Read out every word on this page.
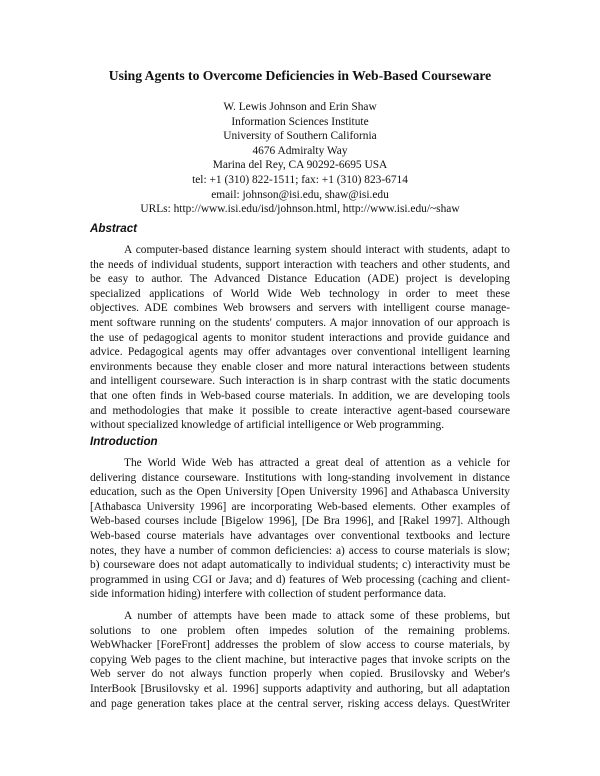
Using Agents to Overcome Deficiencies in Web-Based Courseware
W. Lewis Johnson and Erin Shaw
Information Sciences Institute
University of Southern California
4676 Admiralty Way
Marina del Rey, CA 90292-6695 USA
tel: +1 (310) 822-1511; fax: +1 (310) 823-6714
email: johnson@isi.edu, shaw@isi.edu
URLs: http://www.isi.edu/isd/johnson.html, http://www.isi.edu/~shaw
Abstract
A computer-based distance learning system should interact with students, adapt to
the needs of individual students, support interaction with teachers and other students, and
be easy to author. The Advanced Distance Education (ADE) project is developing
specialized applications of World Wide Web technology in order to meet these
objectives. ADE combines Web browsers and servers with intelligent course manage-
ment software running on the students' computers. A major innovation of our approach is
the use of pedagogical agents to monitor student interactions and provide guidance and
advice. Pedagogical agents may offer advantages over conventional intelligent learning
environments because they enable closer and more natural interactions between students
and intelligent courseware. Such interaction is in sharp contrast with the static documents
that one often finds in Web-based course materials. In addition, we are developing tools
and methodologies that make it possible to create interactive agent-based courseware
without specialized knowledge of artificial intelligence or Web programming.
Introduction
The World Wide Web has attracted a great deal of attention as a vehicle for
delivering distance courseware. Institutions with long-standing involvement in distance
education, such as the Open University [Open University 1996] and Athabasca University
[Athabasca University 1996] are incorporating Web-based elements. Other examples of
Web-based courses include [Bigelow 1996], [De Bra 1996], and [Rakel 1997]. Although
Web-based course materials have advantages over conventional textbooks and lecture
notes, they have a number of common deficiencies: a) access to course materials is slow;
b) courseware does not adapt automatically to individual students; c) interactivity must be
programmed in using CGI or Java; and d) features of Web processing (caching and client-
side information hiding) interfere with collection of student performance data.
A number of attempts have been made to attack some of these problems, but
solutions to one problem often impedes solution of the remaining problems.
WebWhacker [ForeFront] addresses the problem of slow access to course materials, by
copying Web pages to the client machine, but interactive pages that invoke scripts on the
Web server do not always function properly when copied. Brusilovsky and Weber's
InterBook [Brusilovsky et al. 1996] supports adaptivity and authoring, but all adaptation
and page generation takes place at the central server, risking access delays. QuestWriter
